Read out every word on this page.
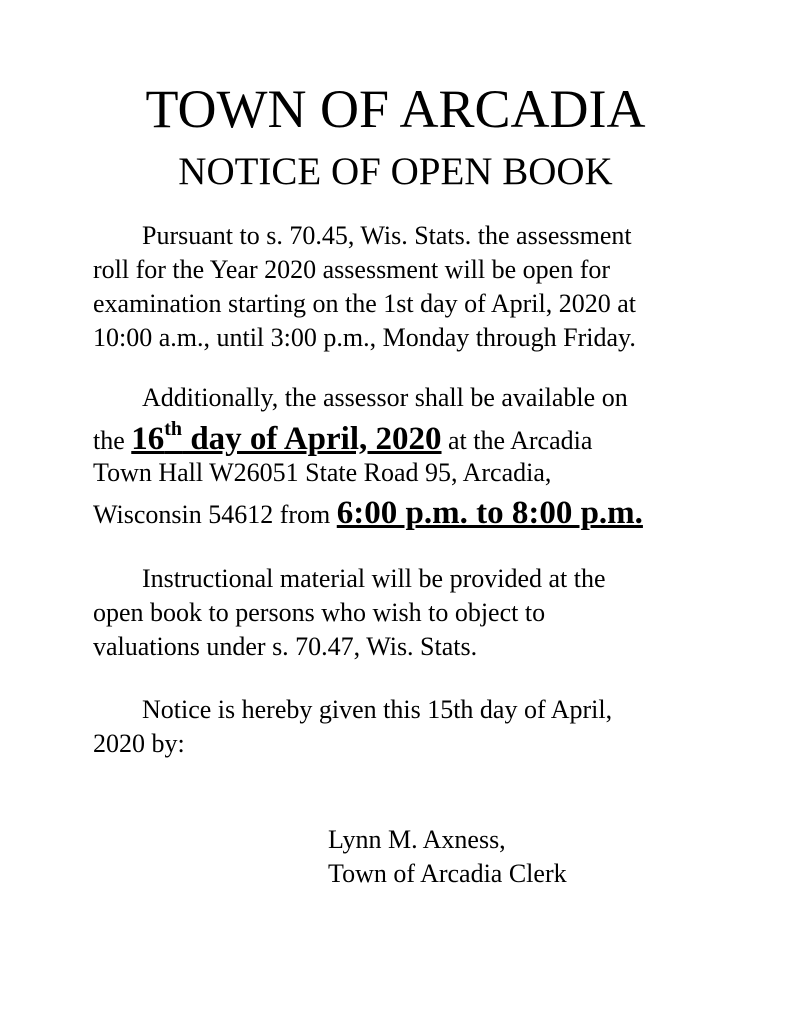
TOWN OF ARCADIA
NOTICE OF OPEN BOOK

Pursuant to s. 70.45, Wis. Stats. the assessment

roll for the Year 2020 assessment will be open for

examination starting on the 1st day of April, 2020 at

10:00 a.m., until 3:00 p.m., Monday through Friday.

Additionally, the assessor shall be available on

the 16th day of April, 2020 at the Arcadia

Town Hall W26051 State Road 95, Arcadia,

Wisconsin 54612 from 6:00 p.m. to 8:00 p.m.

Instructional material will be provided at the

open book to persons who wish to object to

valuations under s. 70.47, Wis. Stats.

Notice is hereby given this 15th day of April,

2020 by:

Lynn M. Axness,

Town of Arcadia Clerk
